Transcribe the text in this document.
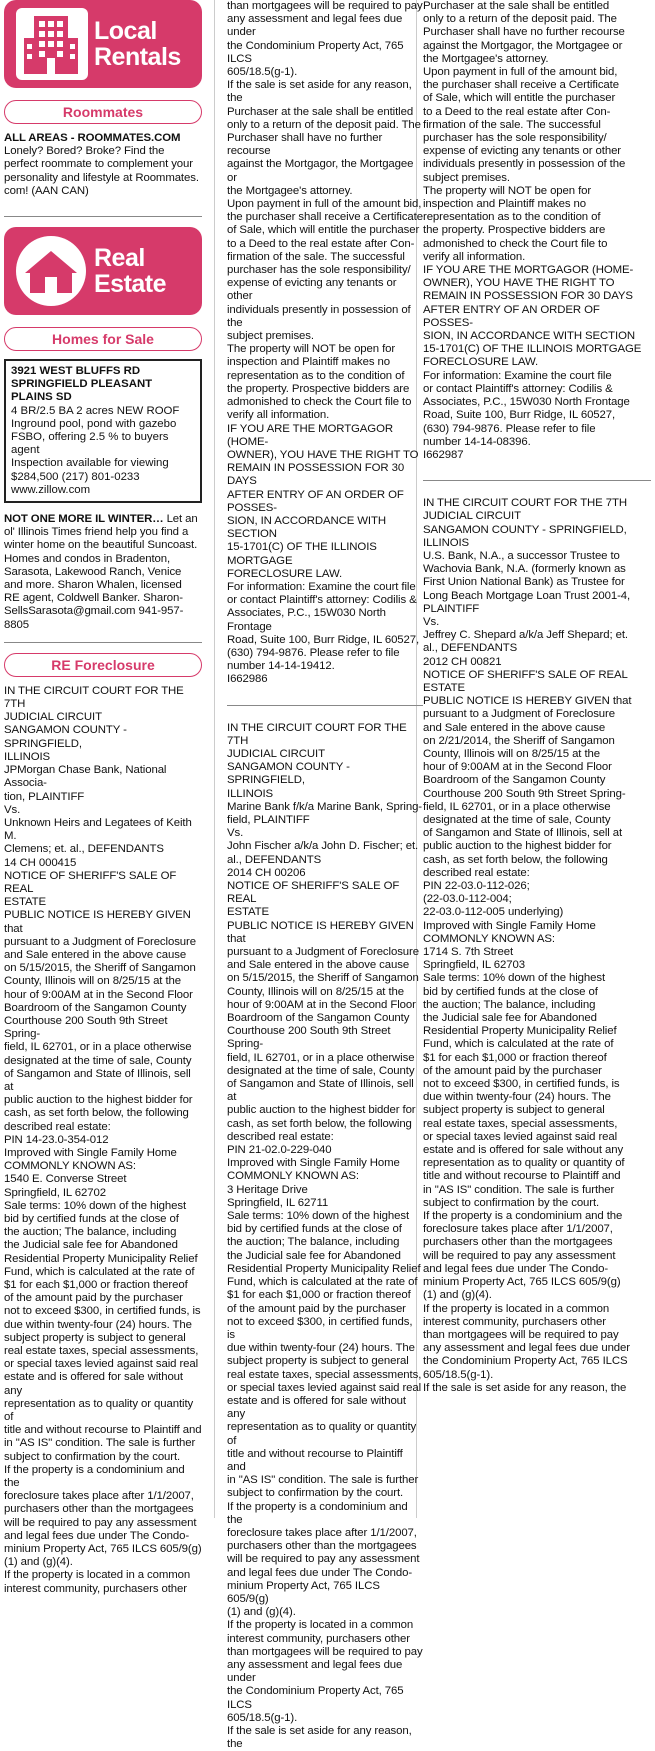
Local
Rentals
Roommates

ALL AREAS - ROOMMATES.COM
Lonely? Bored? Broke? Find the
perfect roommate to complement your
personality and lifestyle at Roommates.
com! (AAN CAN)

Real
Estate
Homes for Sale
3921 WEST BLUFFS RD
SPRINGFIELD PLEASANT PLAINS SD
4 BR/2.5 BA 2 acres NEW ROOF
Inground pool, pond with gazebo
FSBO, offering 2.5 % to buyers agent
Inspection available for viewing
$284,500 (217) 801-0233
www.zillow.com

NOT ONE MORE IL WINTER… Let an
ol' Illinois Times friend help you find a
winter home on the beautiful Suncoast.
Homes and condos in Bradenton,
Sarasota, Lakewood Ranch, Venice
and more. Sharon Whalen, licensed
RE agent, Coldwell Banker. Sharon-
SellsSarasota@gmail.com 941-957-
8805

RE Foreclosure

IN THE CIRCUIT COURT FOR THE 7TH
JUDICIAL CIRCUIT
SANGAMON COUNTY - SPRINGFIELD,
ILLINOIS
JPMorgan Chase Bank, National Associa-
tion, PLAINTIFF
Vs.
Unknown Heirs and Legatees of Keith M.
Clemens; et. al., DEFENDANTS
14 CH 000415
NOTICE OF SHERIFF'S SALE OF REAL
ESTATE
PUBLIC NOTICE IS HEREBY GIVEN that
pursuant to a Judgment of Foreclosure
and Sale entered in the above cause
on 5/15/2015, the Sheriff of Sangamon
County, Illinois will on 8/25/15 at the
hour of 9:00AM at in the Second Floor
Boardroom of the Sangamon County
Courthouse 200 South 9th Street Spring-
field, IL 62701, or in a place otherwise
designated at the time of sale, County
of Sangamon and State of Illinois, sell at
public auction to the highest bidder for
cash, as set forth below, the following
described real estate:
PIN 14-23.0-354-012
Improved with Single Family Home
COMMONLY KNOWN AS:
1540 E. Converse Street
Springfield, IL 62702
Sale terms: 10% down of the highest
bid by certified funds at the close of
the auction; The balance, including
the Judicial sale fee for Abandoned
Residential Property Municipality Relief
Fund, which is calculated at the rate of
$1 for each $1,000 or fraction thereof
of the amount paid by the purchaser
not to exceed $300, in certified funds, is
due within twenty-four (24) hours. The
subject property is subject to general
real estate taxes, special assessments,
or special taxes levied against said real
estate and is offered for sale without any
representation as to quality or quantity of
title and without recourse to Plaintiff and
in "AS IS" condition. The sale is further
subject to confirmation by the court.
If the property is a condominium and the
foreclosure takes place after 1/1/2007,
purchasers other than the mortgagees
will be required to pay any assessment
and legal fees due under The Condo-
minium Property Act, 765 ILCS 605/9(g)
(1) and (g)(4).
If the property is located in a common
interest community, purchasers other

than mortgagees will be required to pay
any assessment and legal fees due under
the Condominium Property Act, 765 ILCS
605/18.5(g-1).
If the sale is set aside for any reason, the
Purchaser at the sale shall be entitled
only to a return of the deposit paid. The
Purchaser shall have no further recourse
against the Mortgagor, the Mortgagee or
the Mortgagee's attorney.
Upon payment in full of the amount bid,
the purchaser shall receive a Certificate
of Sale, which will entitle the purchaser
to a Deed to the real estate after Con-
firmation of the sale. The successful
purchaser has the sole responsibility/
expense of evicting any tenants or other
individuals presently in possession of the
subject premises.
The property will NOT be open for
inspection and Plaintiff makes no
representation as to the condition of
the property. Prospective bidders are
admonished to check the Court file to
verify all information.
IF YOU ARE THE MORTGAGOR (HOME-
OWNER), YOU HAVE THE RIGHT TO
REMAIN IN POSSESSION FOR 30 DAYS
AFTER ENTRY OF AN ORDER OF POSSES-
SION, IN ACCORDANCE WITH SECTION
15-1701(C) OF THE ILLINOIS MORTGAGE
FORECLOSURE LAW.
For information: Examine the court file
or contact Plaintiff's attorney: Codilis &
Associates, P.C., 15W030 North Frontage
Road, Suite 100, Burr Ridge, IL 60527,
(630) 794-9876. Please refer to file
number 14-14-19412.
I662986

IN THE CIRCUIT COURT FOR THE 7TH
JUDICIAL CIRCUIT
SANGAMON COUNTY - SPRINGFIELD,
ILLINOIS
Marine Bank f/k/a Marine Bank, Spring-
field, PLAINTIFF
Vs.
John Fischer a/k/a John D. Fischer; et.
al., DEFENDANTS
2014 CH 00206
NOTICE OF SHERIFF'S SALE OF REAL
ESTATE
PUBLIC NOTICE IS HEREBY GIVEN that
pursuant to a Judgment of Foreclosure
and Sale entered in the above cause
on 5/15/2015, the Sheriff of Sangamon
County, Illinois will on 8/25/15 at the
hour of 9:00AM at in the Second Floor
Boardroom of the Sangamon County
Courthouse 200 South 9th Street Spring-
field, IL 62701, or in a place otherwise
designated at the time of sale, County
of Sangamon and State of Illinois, sell at
public auction to the highest bidder for
cash, as set forth below, the following
described real estate:
PIN 21-02.0-229-040
Improved with Single Family Home
COMMONLY KNOWN AS:
3 Heritage Drive
Springfield, IL 62711
Sale terms: 10% down of the highest
bid by certified funds at the close of
the auction; The balance, including
the Judicial sale fee for Abandoned
Residential Property Municipality Relief
Fund, which is calculated at the rate of
$1 for each $1,000 or fraction thereof
of the amount paid by the purchaser
not to exceed $300, in certified funds, is
due within twenty-four (24) hours. The
subject property is subject to general
real estate taxes, special assessments,
or special taxes levied against said real
estate and is offered for sale without any
representation as to quality or quantity of
title and without recourse to Plaintiff and
in "AS IS" condition. The sale is further
subject to confirmation by the court.
If the property is a condominium and the
foreclosure takes place after 1/1/2007,
purchasers other than the mortgagees
will be required to pay any assessment
and legal fees due under The Condo-
minium Property Act, 765 ILCS 605/9(g)
(1) and (g)(4).
If the property is located in a common
interest community, purchasers other
than mortgagees will be required to pay
any assessment and legal fees due under
the Condominium Property Act, 765 ILCS
605/18.5(g-1).
If the sale is set aside for any reason, the

Purchaser at the sale shall be entitled
only to a return of the deposit paid. The
Purchaser shall have no further recourse
against the Mortgagor, the Mortgagee or
the Mortgagee's attorney.
Upon payment in full of the amount bid,
the purchaser shall receive a Certificate
of Sale, which will entitle the purchaser
to a Deed to the real estate after Con-
firmation of the sale. The successful
purchaser has the sole responsibility/
expense of evicting any tenants or other
individuals presently in possession of the
subject premises.
The property will NOT be open for
inspection and Plaintiff makes no
representation as to the condition of
the property. Prospective bidders are
admonished to check the Court file to
verify all information.
IF YOU ARE THE MORTGAGOR (HOME-
OWNER), YOU HAVE THE RIGHT TO
REMAIN IN POSSESSION FOR 30 DAYS
AFTER ENTRY OF AN ORDER OF POSSES-
SION, IN ACCORDANCE WITH SECTION
15-1701(C) OF THE ILLINOIS MORTGAGE
FORECLOSURE LAW.
For information: Examine the court file
or contact Plaintiff's attorney: Codilis &
Associates, P.C., 15W030 North Frontage
Road, Suite 100, Burr Ridge, IL 60527,
(630) 794-9876. Please refer to file
number 14-14-08396.
I662987

IN THE CIRCUIT COURT FOR THE 7TH
JUDICIAL CIRCUIT
SANGAMON COUNTY - SPRINGFIELD,
ILLINOIS
U.S. Bank, N.A., a successor Trustee to
Wachovia Bank, N.A. (formerly known as
First Union National Bank) as Trustee for
Long Beach Mortgage Loan Trust 2001-4,
PLAINTIFF
Vs.
Jeffrey C. Shepard a/k/a Jeff Shepard; et.
al., DEFENDANTS
2012 CH 00821
NOTICE OF SHERIFF'S SALE OF REAL
ESTATE
PUBLIC NOTICE IS HEREBY GIVEN that
pursuant to a Judgment of Foreclosure
and Sale entered in the above cause
on 2/21/2014, the Sheriff of Sangamon
County, Illinois will on 8/25/15 at the
hour of 9:00AM at in the Second Floor
Boardroom of the Sangamon County
Courthouse 200 South 9th Street Spring-
field, IL 62701, or in a place otherwise
designated at the time of sale, County
of Sangamon and State of Illinois, sell at
public auction to the highest bidder for
cash, as set forth below, the following
described real estate:
PIN 22-03.0-112-026;
(22-03.0-112-004;
22-03.0-112-005 underlying)
Improved with Single Family Home
COMMONLY KNOWN AS:
1714 S. 7th Street
Springfield, IL 62703
Sale terms: 10% down of the highest
bid by certified funds at the close of
the auction; The balance, including
the Judicial sale fee for Abandoned
Residential Property Municipality Relief
Fund, which is calculated at the rate of
$1 for each $1,000 or fraction thereof
of the amount paid by the purchaser
not to exceed $300, in certified funds, is
due within twenty-four (24) hours. The
subject property is subject to general
real estate taxes, special assessments,
or special taxes levied against said real
estate and is offered for sale without any
representation as to quality or quantity of
title and without recourse to Plaintiff and
in "AS IS" condition. The sale is further
subject to confirmation by the court.
If the property is a condominium and the
foreclosure takes place after 1/1/2007,
purchasers other than the mortgagees
will be required to pay any assessment
and legal fees due under The Condo-
minium Property Act, 765 ILCS 605/9(g)
(1) and (g)(4).
If the property is located in a common
interest community, purchasers other
than mortgagees will be required to pay
any assessment and legal fees due under
the Condominium Property Act, 765 ILCS
605/18.5(g-1).
If the sale is set aside for any reason, the
